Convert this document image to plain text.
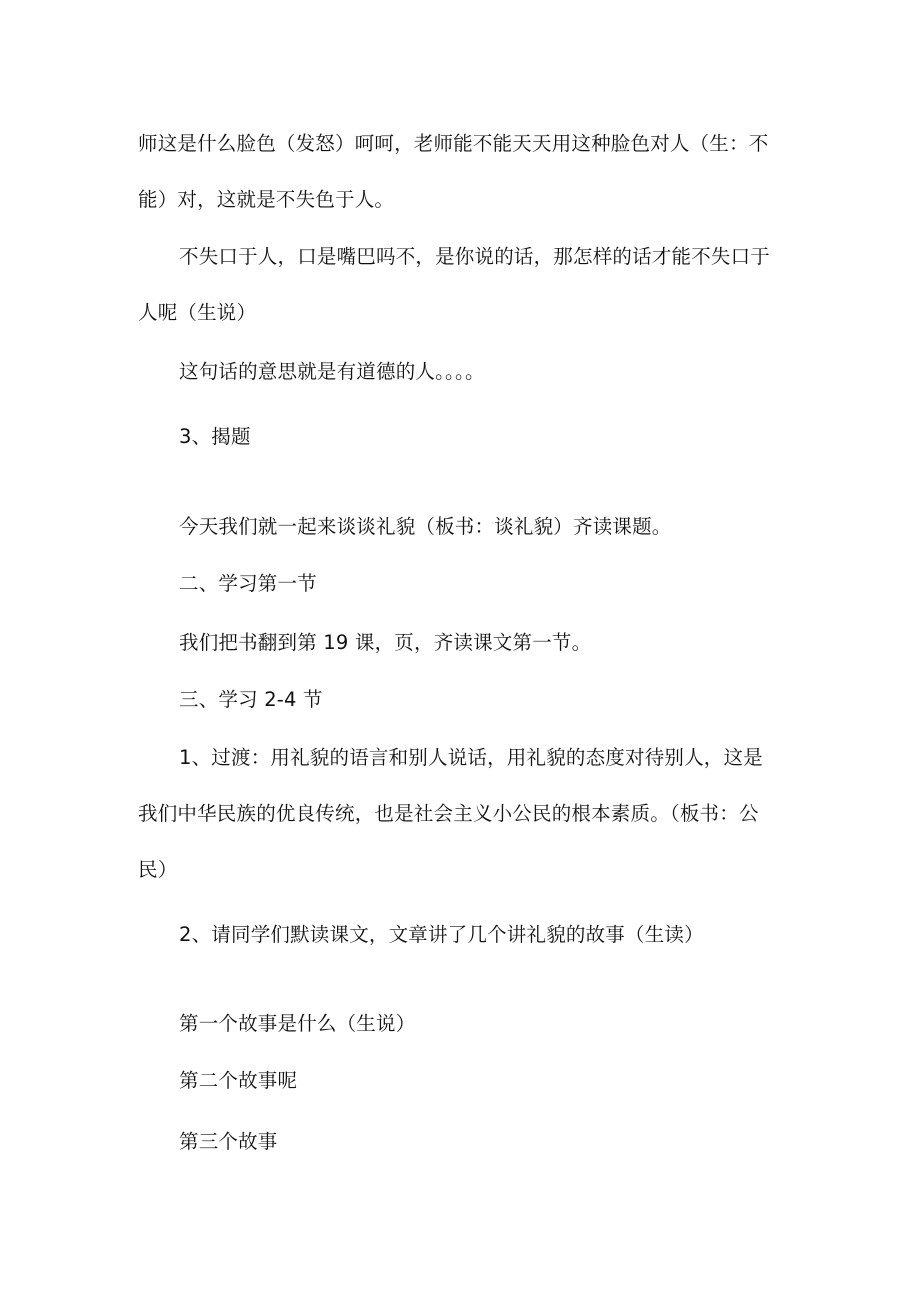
师这是什么脸色（发怒）呵呵，老师能不能天天用这种脸色对人（生：不

能）对，这就是不失色于人。

不失口于人，口是嘴巴吗不，是你说的话，那怎样的话才能不失口于

人呢（生说）

这句话的意思就是有道德的人。。。。

3、揭题

今天我们就一起来谈谈礼貌（板书：谈礼貌）齐读课题。

二、学习第一节

我们把书翻到第 19 课，页，齐读课文第一节。

三、学习 2-4 节

1、过渡：用礼貌的语言和别人说话，用礼貌的态度对待别人，这是

我们中华民族的优良传统，也是社会主义小公民的根本素质。（板书：公

民）

2、请同学们默读课文，文章讲了几个讲礼貌的故事（生读）

第一个故事是什么（生说）

第二个故事呢

第三个故事
